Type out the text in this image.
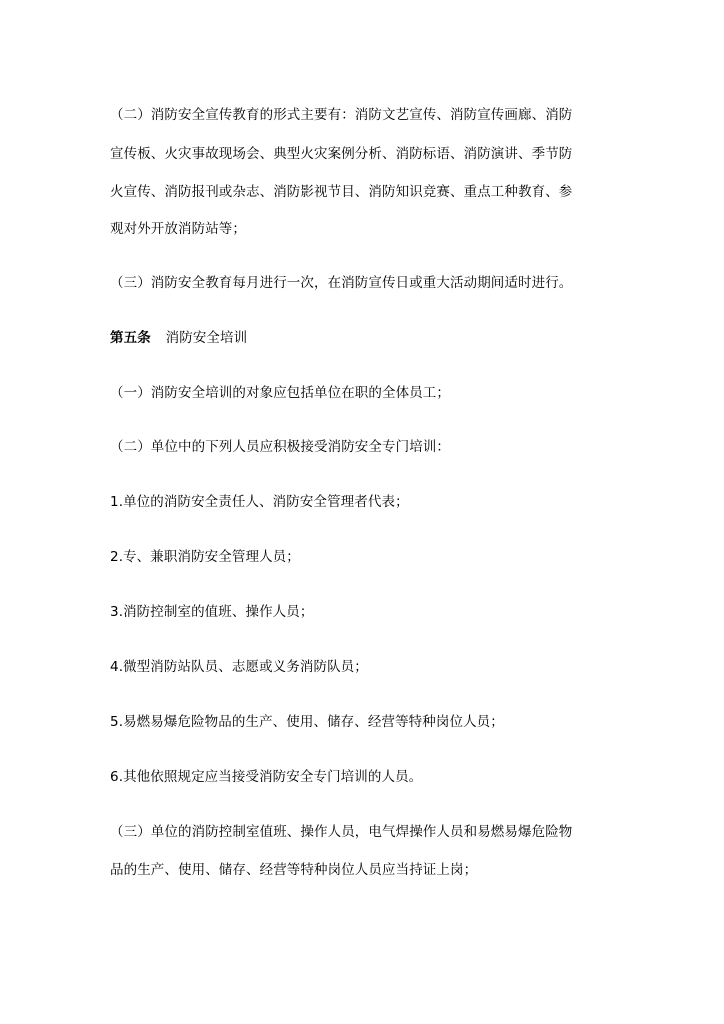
（二）消防安全宣传教育的形式主要有：消防文艺宣传、消防宣传画廊、消防
宣传板、火灾事故现场会、典型火灾案例分析、消防标语、消防演讲、季节防
火宣传、消防报刊或杂志、消防影视节目、消防知识竞赛、重点工种教育、参
观对外开放消防站等；
（三）消防安全教育每月进行一次，在消防宣传日或重大活动期间适时进行。
第五条 消防安全培训
（一）消防安全培训的对象应包括单位在职的全体员工；
（二）单位中的下列人员应积极接受消防安全专门培训：
1.单位的消防安全责任人、消防安全管理者代表；
2.专、兼职消防安全管理人员；
3.消防控制室的值班、操作人员；
4.微型消防站队员、志愿或义务消防队员；
5.易燃易爆危险物品的生产、使用、储存、经营等特种岗位人员；
6.其他依照规定应当接受消防安全专门培训的人员。
（三）单位的消防控制室值班、操作人员，电气焊操作人员和易燃易爆危险物
品的生产、使用、储存、经营等特种岗位人员应当持证上岗；
